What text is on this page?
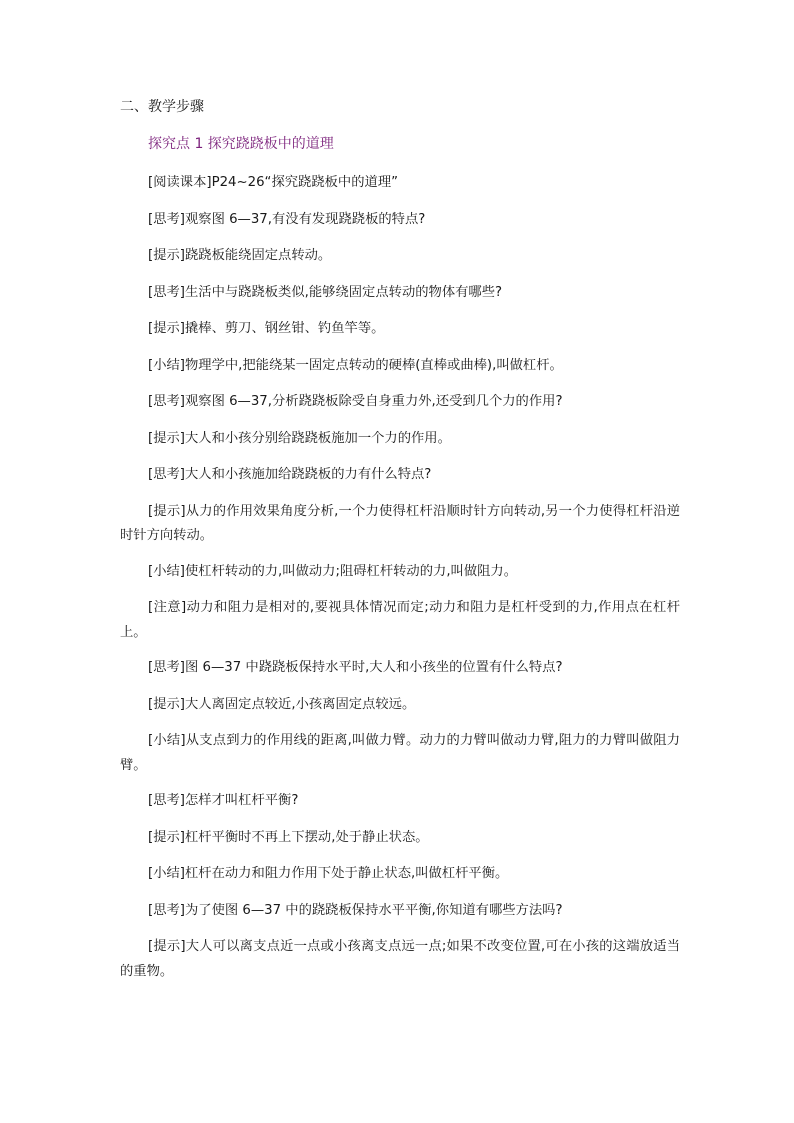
二、教学步骤
探究点 1 探究跷跷板中的道理

[阅读课本]P24~26“探究跷跷板中的道理”

[思考]观察图 6—37,有没有发现跷跷板的特点?

[提示]跷跷板能绕固定点转动。

[思考]生活中与跷跷板类似,能够绕固定点转动的物体有哪些?

[提示]撬棒、剪刀、钢丝钳、钓鱼竿等。

[小结]物理学中,把能绕某一固定点转动的硬棒(直棒或曲棒),叫做杠杆。

[思考]观察图 6—37,分析跷跷板除受自身重力外,还受到几个力的作用?

[提示]大人和小孩分别给跷跷板施加一个力的作用。

[思考]大人和小孩施加给跷跷板的力有什么特点?

[提示]从力的作用效果角度分析,一个力使得杠杆沿顺时针方向转动,另一个力使得杠杆沿逆时针方向转动。

[小结]使杠杆转动的力,叫做动力;阻碍杠杆转动的力,叫做阻力。

[注意]动力和阻力是相对的,要视具体情况而定;动力和阻力是杠杆受到的力,作用点在杠杆上。

[思考]图 6—37 中跷跷板保持水平时,大人和小孩坐的位置有什么特点?

[提示]大人离固定点较近,小孩离固定点较远。

[小结]从支点到力的作用线的距离,叫做力臂。动力的力臂叫做动力臂,阻力的力臂叫做阻力臂。

[思考]怎样才叫杠杆平衡?

[提示]杠杆平衡时不再上下摆动,处于静止状态。

[小结]杠杆在动力和阻力作用下处于静止状态,叫做杠杆平衡。

[思考]为了使图 6—37 中的跷跷板保持水平平衡,你知道有哪些方法吗?

[提示]大人可以离支点近一点或小孩离支点远一点;如果不改变位置,可在小孩的这端放适当的重物。
